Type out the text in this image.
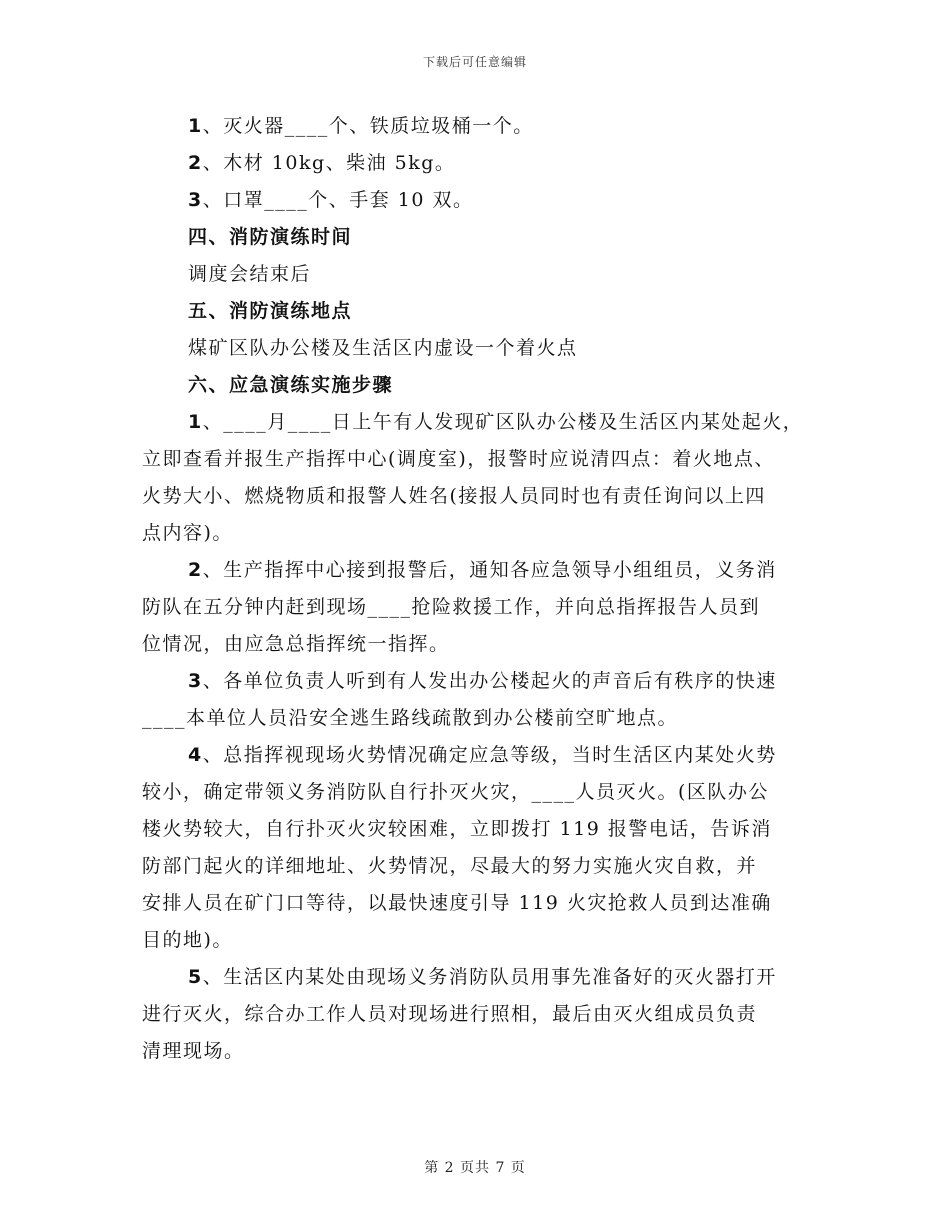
下载后可任意编辑
1、灭火器____个、铁质垃圾桶一个。
2、木材 10kg、柴油 5kg。
3、口罩____个、手套 10 双。
四、消防演练时间
调度会结束后
五、消防演练地点
煤矿区队办公楼及生活区内虚设一个着火点
六、应急演练实施步骤
1、____月____日上午有人发现矿区队办公楼及生活区内某处起火，
立即查看并报生产指挥中心(调度室)，报警时应说清四点：着火地点、
火势大小、燃烧物质和报警人姓名(接报人员同时也有责任询问以上四
点内容)。
2、生产指挥中心接到报警后，通知各应急领导小组组员，义务消
防队在五分钟内赶到现场____抢险救援工作，并向总指挥报告人员到
位情况，由应急总指挥统一指挥。
3、各单位负责人听到有人发出办公楼起火的声音后有秩序的快速
____本单位人员沿安全逃生路线疏散到办公楼前空旷地点。
4、总指挥视现场火势情况确定应急等级，当时生活区内某处火势
较小，确定带领义务消防队自行扑灭火灾，____人员灭火。(区队办公
楼火势较大，自行扑灭火灾较困难，立即拨打 119 报警电话，告诉消
防部门起火的详细地址、火势情况，尽最大的努力实施火灾自救，并
安排人员在矿门口等待，以最快速度引导 119 火灾抢救人员到达准确
目的地)。
5、生活区内某处由现场义务消防队员用事先准备好的灭火器打开
进行灭火，综合办工作人员对现场进行照相，最后由灭火组成员负责
清理现场。
第 2 页共 7 页
